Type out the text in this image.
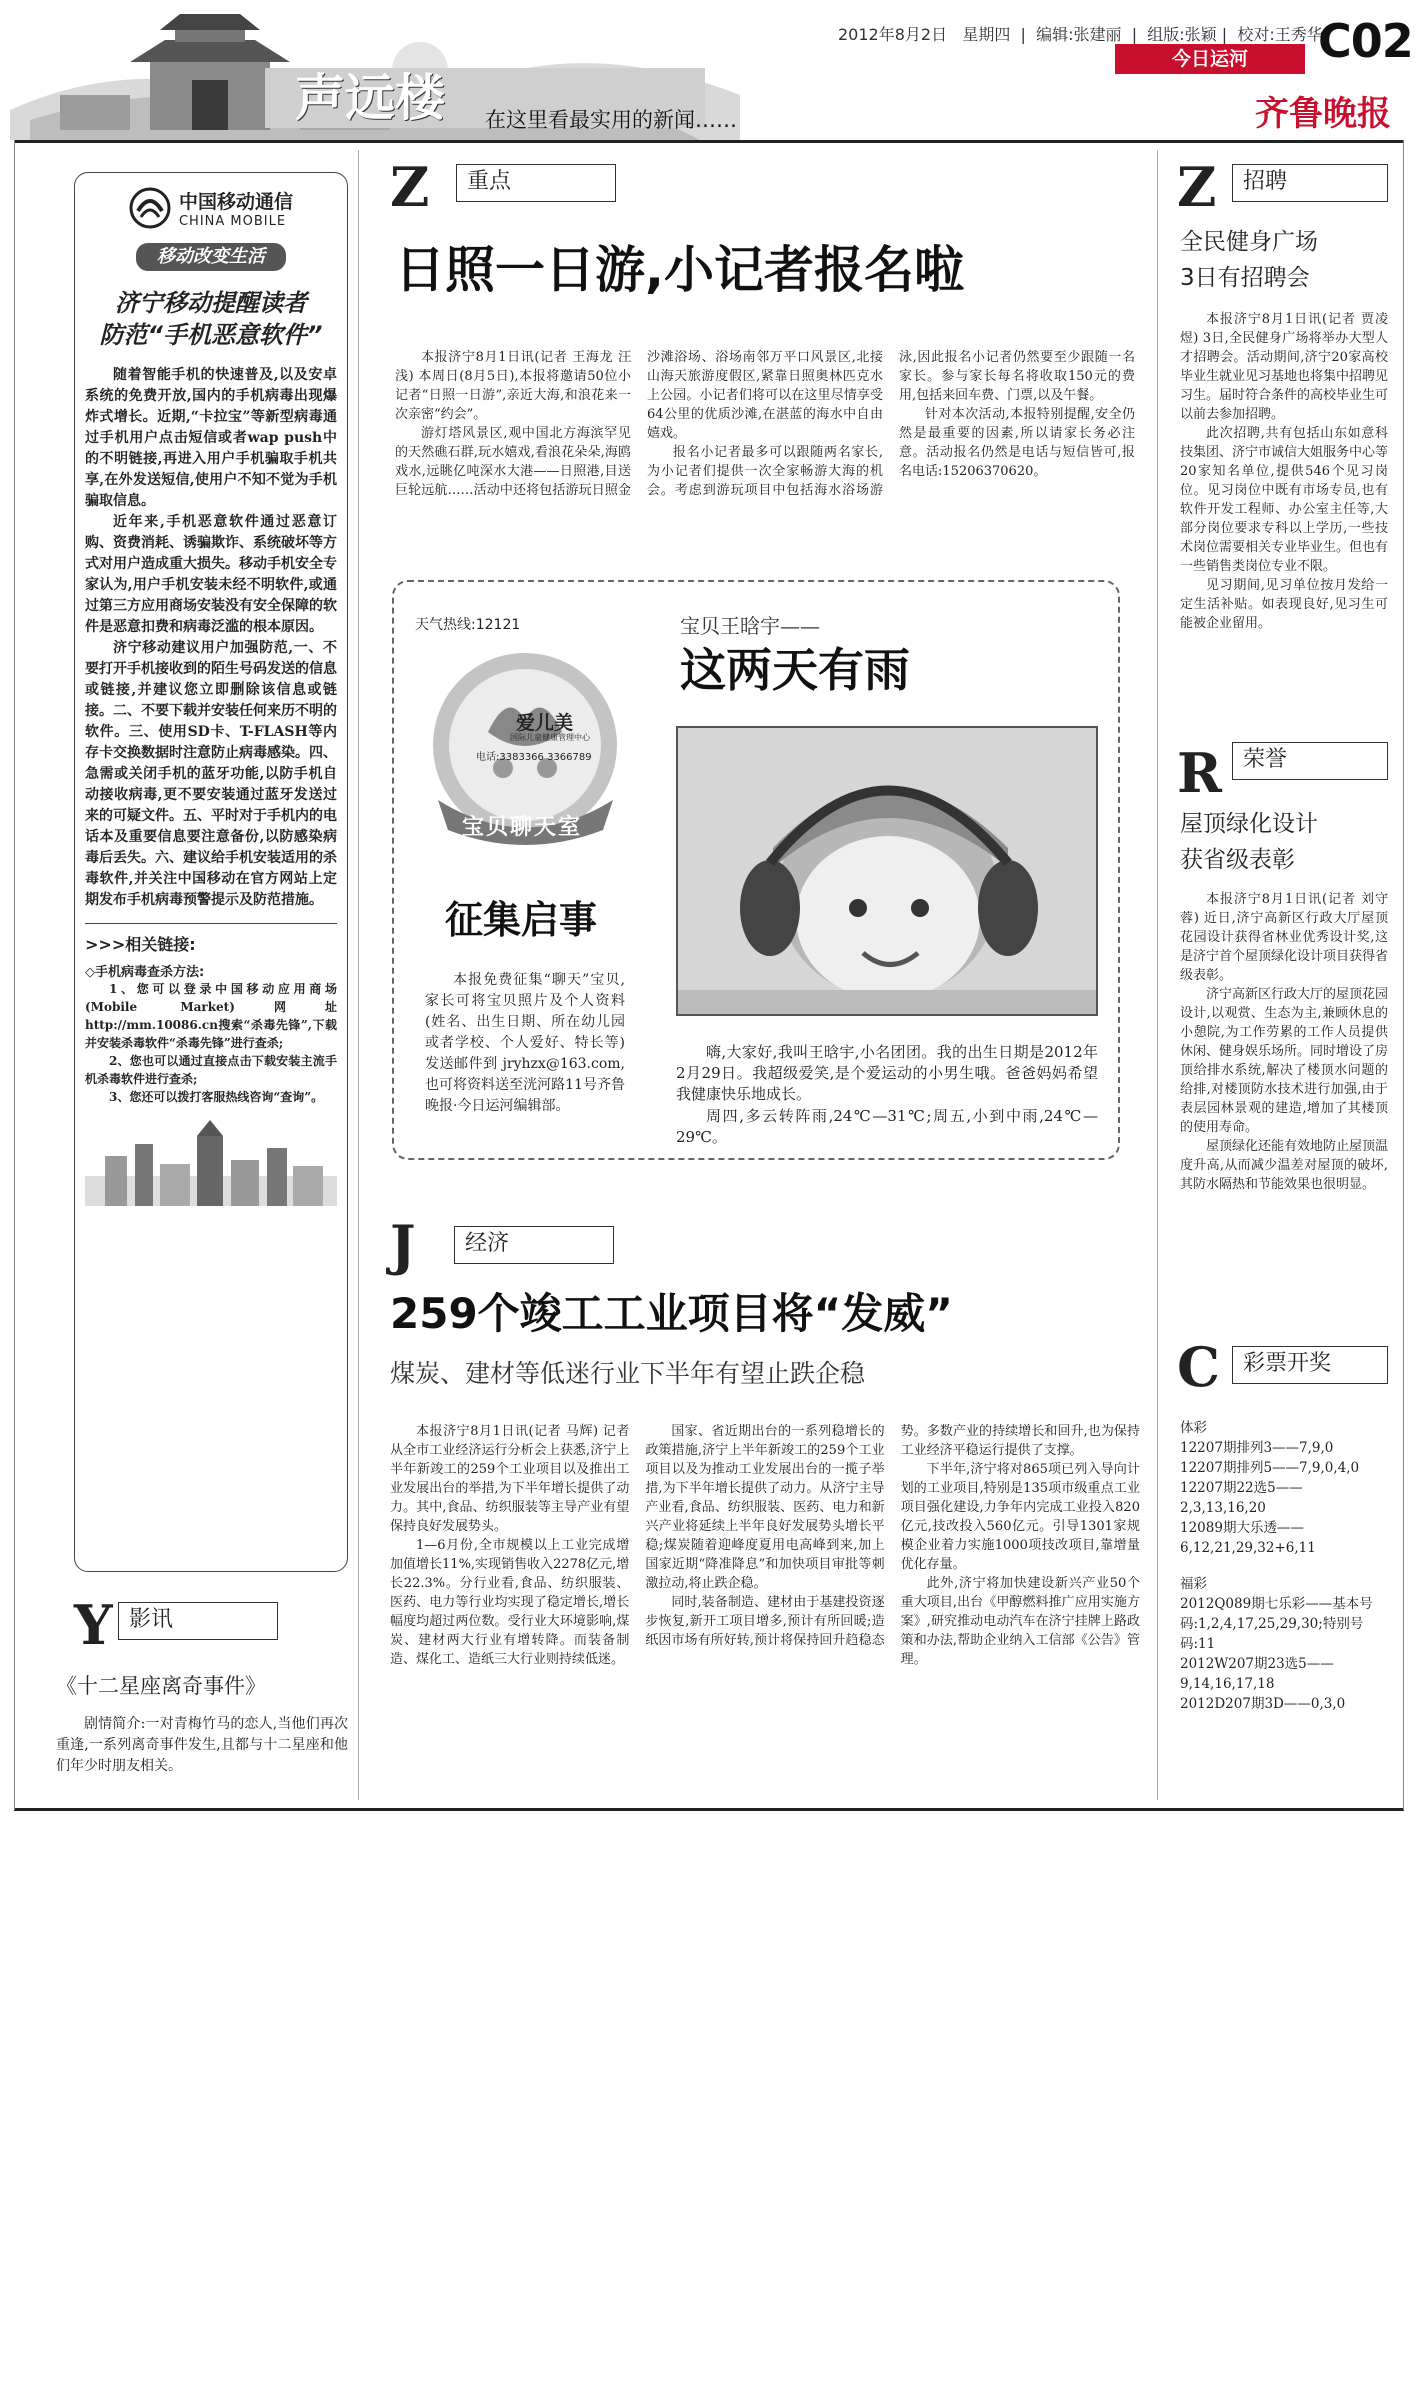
声远楼 在这里看最实用的新闻……
2012年8月2日 星期四  |  编辑:张建丽  |  组版:张颖 |  校对:王秀华
今日运河	C02
齐鲁晚报
中国移动通信
CHINA MOBILE
移动改变生活
济宁移动提醒读者
防范“手机恶意软件”

随着智能手机的快速普及,以及安卓系统的免费开放,国内的手机病毒出现爆炸式增长。近期,“卡拉宝”等新型病毒通过手机用户点击短信或者wap push中的不明链接,再进入用户手机骗取手机共享,在外发送短信,使用户不知不觉为手机骗取信息。

近年来,手机恶意软件通过恶意订购、资费消耗、诱骗欺诈、系统破坏等方式对用户造成重大损失。移动手机安全专家认为,用户手机安装未经不明软件,或通过第三方应用商场安装没有安全保障的软件是恶意扣费和病毒泛滥的根本原因。

济宁移动建议用户加强防范,一、不要打开手机接收到的陌生号码发送的信息或链接,并建议您立即删除该信息或链接。二、不要下载并安装任何来历不明的软件。三、使用SD卡、T-FLASH等内存卡交换数据时注意防止病毒感染。四、急需或关闭手机的蓝牙功能,以防手机自动接收病毒,更不要安装通过蓝牙发送过来的可疑文件。五、平时对于手机内的电话本及重要信息要注意备份,以防感染病毒后丢失。六、建议给手机安装适用的杀毒软件,并关注中国移动在官方网站上定期发布手机病毒预警提示及防范措施。

>>>相关链接:
◇手机病毒查杀方法:

1、您可以登录中国移动应用商场(Mobile Market)网址 http://mm.10086.cn搜索“杀毒先锋”,下载并安装杀毒软件“杀毒先锋”进行查杀;

2、您也可以通过直接点击下载安装主流手机杀毒软件进行查杀;

3、您还可以拨打客服热线咨询“查询”。

Y 影讯
《十二星座离奇事件》

剧情简介:一对青梅竹马的恋人,当他们再次重逢,一系列离奇事件发生,且都与十二星座和他们年少时朋友相关。

Z	重点
日照一日游,小记者报名啦

本报济宁8月1日讯(记者 王海龙 汪浅) 本周日(8月5日),本报将邀请50位小记者“日照一日游”,亲近大海,和浪花来一次亲密“约会”。

游灯塔风景区,观中国北方海滨罕见的天然礁石群,玩水嬉戏,看浪花朵朵,海鸥戏水,远眺亿吨深水大港——日照港,目送巨轮远航……活动中还将包括游玩日照金沙滩浴场、浴场南邻万平口风景区,北接山海天旅游度假区,紧靠日照奥林匹克水上公园。小记者们将可以在这里尽情享受64公里的优质沙滩,在湛蓝的海水中自由嬉戏。

报名小记者最多可以跟随两名家长,为小记者们提供一次全家畅游大海的机会。考虑到游玩项目中包括海水浴场游泳,因此报名小记者仍然要至少跟随一名家长。参与家长每名将收取150元的费用,包括来回车费、门票,以及午餐。

针对本次活动,本报特别提醒,安全仍然是最重要的因素,所以请家长务必注意。活动报名仍然是电话与短信皆可,报名电话:15206370620。

天气热线:12121
爱儿美
国际儿童健康管理中心
电话:3383366 3366789
宝贝聊天室
征集启事

本报免费征集“聊天”宝贝,家长可将宝贝照片及个人资料(姓名、出生日期、所在幼儿园或者学校、个人爱好、特长等)发送邮件到 jryhzx@163.com,也可将资料送至洸河路11号齐鲁晚报·今日运河编辑部。

宝贝王晗宇——
这两天有雨

嗨,大家好,我叫王晗宇,小名团团。我的出生日期是2012年2月29日。我超级爱笑,是个爱运动的小男生哦。爸爸妈妈希望我健康快乐地成长。

周四,多云转阵雨,24℃—31℃;周五,小到中雨,24℃—29℃。

J	经济
259个竣工工业项目将“发威”
煤炭、建材等低迷行业下半年有望止跌企稳

本报济宁8月1日讯(记者 马辉) 记者从全市工业经济运行分析会上获悉,济宁上半年新竣工的259个工业项目以及推出工业发展出台的举措,为下半年增长提供了动力。其中,食品、纺织服装等主导产业有望保持良好发展势头。

1—6月份,全市规模以上工业完成增加值增长11%,实现销售收入2278亿元,增长22.3%。分行业看,食品、纺织服装、医药、电力等行业均实现了稳定增长,增长幅度均超过两位数。受行业大环境影响,煤炭、建材两大行业有增转降。而装备制造、煤化工、造纸三大行业则持续低迷。

国家、省近期出台的一系列稳增长的政策措施,济宁上半年新竣工的259个工业项目以及为推动工业发展出台的一揽子举措,为下半年增长提供了动力。从济宁主导产业看,食品、纺织服装、医药、电力和新兴产业将延续上半年良好发展势头增长平稳;煤炭随着迎峰度夏用电高峰到来,加上国家近期“降准降息”和加快项目审批等刺激拉动,将止跌企稳。

同时,装备制造、建材由于基建投资逐步恢复,新开工项目增多,预计有所回暖;造纸因市场有所好转,预计将保持回升趋稳态势。多数产业的持续增长和回升,也为保持工业经济平稳运行提供了支撑。

下半年,济宁将对865项已列入导向计划的工业项目,特别是135项市级重点工业项目强化建设,力争年内完成工业投入820亿元,技改投入560亿元。引导1301家规模企业着力实施1000项技改项目,靠增量优化存量。

此外,济宁将加快建设新兴产业50个重大项目,出台《甲醇燃料推广应用实施方案》,研究推动电动汽车在济宁挂牌上路政策和办法,帮助企业纳入工信部《公告》管理。

Z	招聘
全民健身广场
3日有招聘会

本报济宁8月1日讯(记者 贾凌煜) 3日,全民健身广场将举办大型人才招聘会。活动期间,济宁20家高校毕业生就业见习基地也将集中招聘见习生。届时符合条件的高校毕业生可以前去参加招聘。

此次招聘,共有包括山东如意科技集团、济宁市诚信大姐服务中心等20家知名单位,提供546个见习岗位。见习岗位中既有市场专员,也有软件开发工程师、办公室主任等,大部分岗位要求专科以上学历,一些技术岗位需要相关专业毕业生。但也有一些销售类岗位专业不限。

见习期间,见习单位按月发给一定生活补贴。如表现良好,见习生可能被企业留用。

R 荣誉
屋顶绿化设计
获省级表彰

本报济宁8月1日讯(记者 刘守蓉) 近日,济宁高新区行政大厅屋顶花园设计获得省林业优秀设计奖,这是济宁首个屋顶绿化设计项目获得省级表彰。

济宁高新区行政大厅的屋顶花园设计,以观赏、生态为主,兼顾休息的小憩院,为工作劳累的工作人员提供休闲、健身娱乐场所。同时增设了房顶给排水系统,解决了楼顶水问题的给排,对楼顶防水技术进行加强,由于表层园林景观的建造,增加了其楼顶的使用寿命。

屋顶绿化还能有效地防止屋顶温度升高,从而减少温差对屋顶的破坏,其防水隔热和节能效果也很明显。

C	彩票开奖
体彩
12207期排列3——7,9,0
12207期排列5——7,9,0,4,0
12207期22选5——2,3,13,16,20
12089期大乐透——6,12,21,29,32+6,11
福彩
2012Q089期七乐彩——基本号码:1,2,4,17,25,29,30;特别号码:11
2012W207期23选5——9,14,16,17,18
2012D207期3D——0,3,0
